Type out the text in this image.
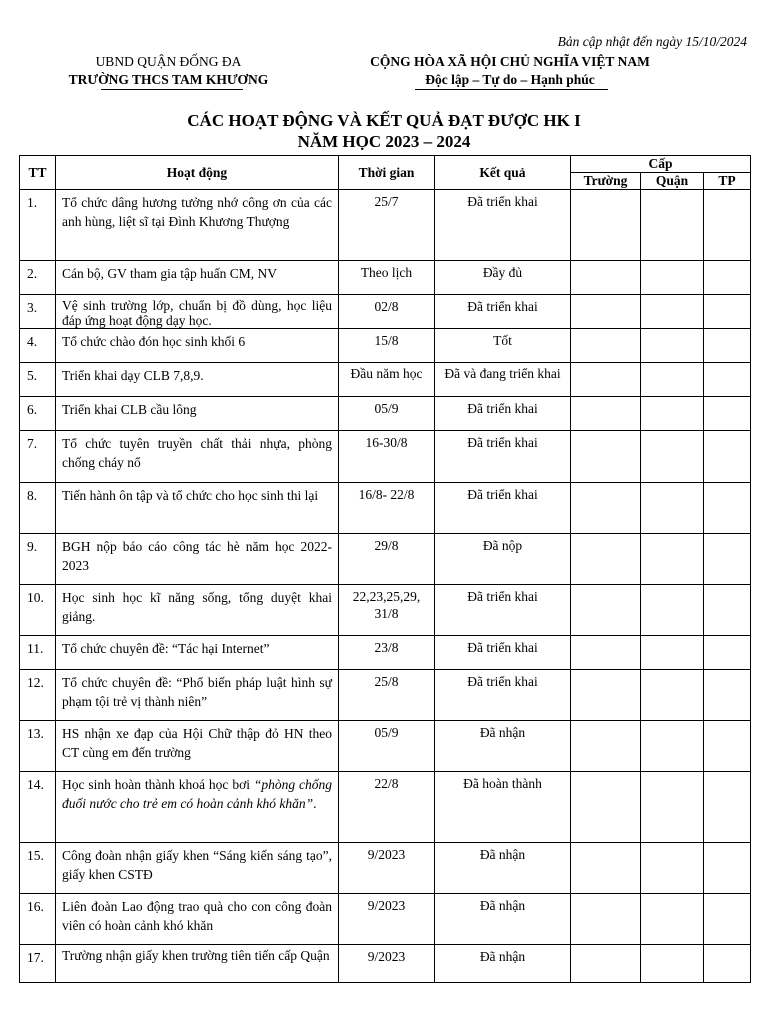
Bản cập nhật đến ngày 15/10/2024
UBND QUẬN ĐỐNG ĐA
TRƯỜNG THCS TAM KHƯƠNG
CỘNG HÒA XÃ HỘI CHỦ NGHĨA VIỆT NAM
Độc lập – Tự do – Hạnh phúc
CÁC HOẠT ĐỘNG VÀ KẾT QUẢ ĐẠT ĐƯỢC HK I
NĂM HỌC 2023 – 2024
TT	Hoạt động	Thời gian	Kết quả	Cấp		
				Trường	Quận	TP
1.	Tổ chức dâng hương tưởng nhớ công ơn của các anh hùng, liệt sĩ tại Đình Khương Thượng	25/7	Đã triển khai			
2.	Cán bộ, GV tham gia tập huấn CM, NV	Theo lịch	Đầy đủ			
3.	Vệ sinh trường lớp, chuẩn bị đồ dùng, học liệu đáp ứng hoạt động dạy học.	02/8	Đã triển khai			
4.	Tổ chức chào đón học sinh khối 6	15/8	Tốt			
5.	Triển khai dạy CLB 7,8,9.	Đầu năm học	Đã và đang triển khai			
6.	Triển khai CLB cầu lông	05/9	Đã triển khai			
7.	Tổ chức tuyên truyền chất thải nhựa, phòng chống cháy nổ	16-30/8	Đã triển khai			
8.	Tiến hành ôn tập và tổ chức cho học sinh thi lại	16/8- 22/8	Đã triển khai			
9.	BGH nộp báo cáo công tác hè năm học 2022-2023	29/8	Đã nộp			
10.	Học sinh học kĩ năng sống, tổng duyệt khai giảng.	22,23,25,29, 31/8	Đã triển khai			
11.	Tổ chức chuyên đề: “Tác hại Internet”	23/8	Đã triển khai			
12.	Tổ chức chuyên đề: “Phổ biến pháp luật hình sự phạm tội trẻ vị thành niên”	25/8	Đã triển khai			
13.	HS nhận xe đạp của Hội Chữ thập đỏ HN theo CT cùng em đến trường	05/9	Đã nhận			
14.	Học sinh hoàn thành khoá học bơi “phòng chống đuối nước cho trẻ em có hoàn cảnh khó khăn”.	22/8	Đã hoàn thành			
15.	Công đoàn nhận giấy khen “Sáng kiến sáng tạo”, giấy khen CSTĐ	9/2023	Đã nhận			
16.	Liên đoàn Lao động trao quà cho con công đoàn viên có hoàn cảnh khó khăn	9/2023	Đã nhận			
17.	Trường nhận giấy khen trường tiên tiến cấp Quận	9/2023	Đã nhận			
